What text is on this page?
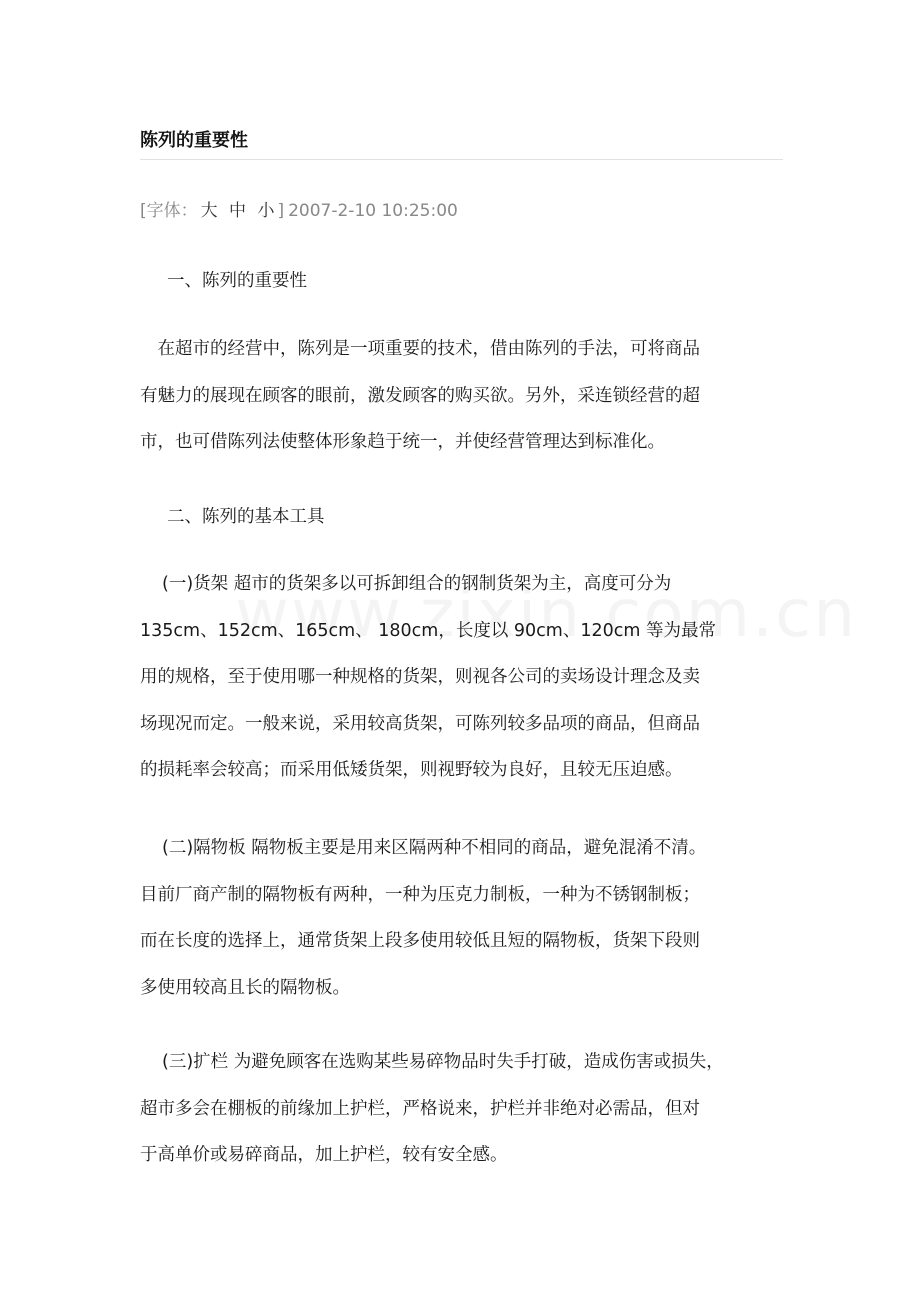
陈列的重要性
[字体： 大 中 小 ] 2007-2-10 10:25:00
一、陈列的重要性
　在超市的经营中，陈列是一项重要的技术，借由陈列的手法，可将商品
有魅力的展现在顾客的眼前，激发顾客的购买欲。另外，采连锁经营的超
市，也可借陈列法使整体形象趋于统一，并使经营管理达到标准化。
二、陈列的基本工具
(一)货架 超市的货架多以可拆卸组合的钢制货架为主，高度可分为
135cm、152cm、165cm、 180cm，长度以 90cm、120cm 等为最常
用的规格，至于使用哪一种规格的货架，则视各公司的卖场设计理念及卖
场现况而定。一般来说，采用较高货架，可陈列较多品项的商品，但商品
的损耗率会较高；而采用低矮货架，则视野较为良好，且较无压迫感。
(二)隔物板 隔物板主要是用来区隔两种不相同的商品，避免混淆不清。
目前厂商产制的隔物板有两种，一种为压克力制板，一种为不锈钢制板；
而在长度的选择上，通常货架上段多使用较低且短的隔物板，货架下段则
多使用较高且长的隔物板。
(三)扩栏 为避免顾客在选购某些易碎物品时失手打破，造成伤害或损失，
超市多会在棚板的前缘加上护栏，严格说来，护栏并非绝对必需品，但对
于高单价或易碎商品，加上护栏，较有安全感。
